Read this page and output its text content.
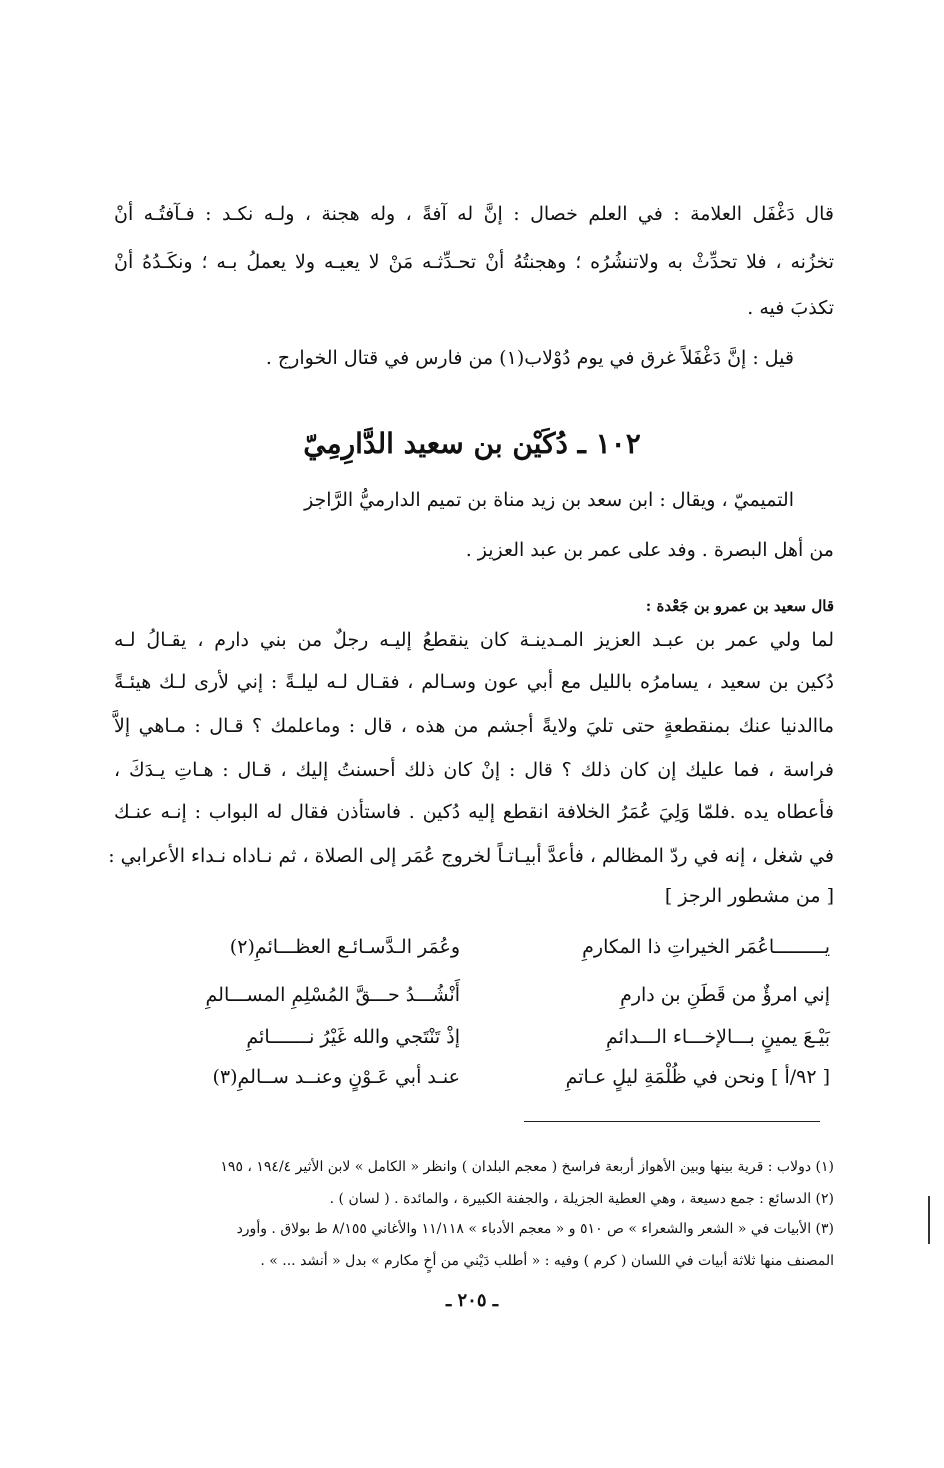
قال دَغْفَل العلامة : في العلم خصال : إنَّ له آفةً ، وله هجنة ، ولـه نكـد : فـآفتُـه أنْ
تخزُنه ، فلا تحدِّثْ به ولاتنشُرُه ؛ وهجنتُهُ أنْ تحـدِّثـه مَنْ لا يعيـه ولا يعملُ بـه ؛ ونكَـدُهُ أنْ
تكذبَ فيه .
قيل : إنَّ دَغْفَلاً غرق في يوم دُوْلاب(١) من فارس في قتال الخوارج .
١٠٢ ـ دُكَيْن بن سعيد الدَّارِمِيّ
التميميّ ، ويقال : ابن سعد بن زيد مناة بن تميم الدارميُّ الرَّاجز
من أهل البصرة . وفد على عمر بن عبد العزيز .
قال سعيد بن عمرو بن جَعْدة :
لما ولي عمر بن عبـد العزيز المـدينـة كان ينقطعُ إليـه رجلٌ من بني دارم ، يقـالُ لـه
دُكين بن سعيد ، يسامرُه بالليل مع أبي عون وسـالم ، فقـال لـه ليلـةً : إني لأرى لـك هيئـةً
ماالدنيا عنك بمنقطعةٍ حتى تليَ ولايةً أجشم من هذه ، قال : وماعلمك ؟ قـال : مـاهي إلاَّ
فراسة ، فما عليك إن كان ذلك ؟ قال : إنْ كان ذلك أحسنتُ إليك ، قـال : هـاتِ يـدَكَ ،
فأعطاه يده .فلمّا وَلِيَ عُمَرُ الخلافة انقطع إليه دُكين . فاستأذن فقال له البواب : إنـه عنـك
في شغل ، إنه في ردّ المظالم ، فأعدَّ أبيـاتـاً لخروج عُمَر إلى الصلاة ، ثم نـاداه نـداء الأعرابي :
[ من مشطور الرجز ]
يـــــــــاعُمَر الخيراتِ ذا المكارمِ
وعُمَر الـدَّسـائـع العظـــائمِ(٢)
إني امرؤٌ من قَطَنِ بن دارمِ
أَنْشُـــدُ حـــقَّ المُسْلِمِ المســـالمِ
بَيْـعَ يمينٍ بـــالإخـــاء الـــدائمِ
إذْ تَنْتَجي والله غَيْرُ نـــــــائمِ
[ ٩٢/أ ] ونحن في ظُلْمَةِ ليلٍ عـاتمِ
عنـد أبي عَـوْنٍ وعنــد ســالمِ(٣)
(١) دولاب : قرية بينها وبين الأهواز أربعة فراسخ ( معجم البلدان ) وانظر « الكامل » لابن الأثير ١٩٤/٤ ، ١٩٥
(٢) الدسائع : جمع دسيعة ، وهي العطية الجزيلة ، والجفنة الكبيرة ، والمائدة . ( لسان ) .
(٣) الأبيات في « الشعر والشعراء » ص ٥١٠ و « معجم الأدباء » ١١/١١٨ والأغاني ٨/١٥٥ ط بولاق . وأورد
المصنف منها ثلاثة أبيات في اللسان ( كرم ) وفيه : « أطلب دَيْني من أخٍ مكارم » بدل « أنشد ... » .
ـ ٢٠٥ ـ
